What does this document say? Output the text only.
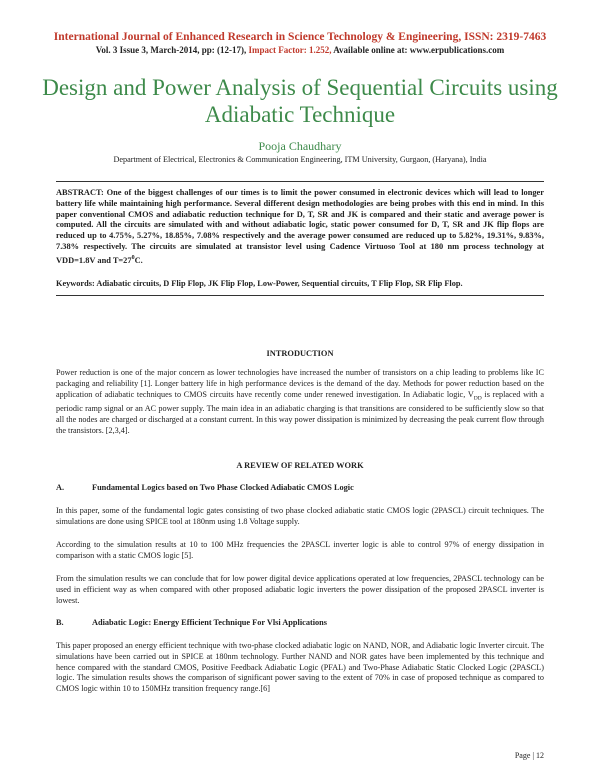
International Journal of Enhanced Research in Science Technology & Engineering, ISSN: 2319-7463
Vol. 3 Issue 3, March-2014, pp: (12-17), Impact Factor: 1.252, Available online at: www.erpublications.com
Design and Power Analysis of Sequential Circuits using Adiabatic Technique
Pooja Chaudhary
Department of Electrical, Electronics & Communication Engineering, ITM University, Gurgaon, (Haryana), India
ABSTRACT: One of the biggest challenges of our times is to limit the power consumed in electronic devices which will lead to longer battery life while maintaining high performance. Several different design methodologies are being probes with this end in mind. In this paper conventional CMOS and adiabatic reduction technique for D, T, SR and JK is compared and their static and average power is computed. All the circuits are simulated with and without adiabatic logic, static power consumed for D, T, SR and JK flip flops are reduced up to 4.75%, 5.27%, 18.85%, 7.08% respectively and the average power consumed are reduced up to 5.82%, 19.31%, 9.83%, 7.38% respectively. The circuits are simulated at transistor level using Cadence Virtuoso Tool at 180 nm process technology at VDD=1.8V and $T=27^0C$.
Keywords: Adiabatic circuits, D Flip Flop, JK Flip Flop, Low-Power, Sequential circuits, T Flip Flop, SR Flip Flop.
INTRODUCTION
Power reduction is one of the major concern as lower technologies have increased the number of transistors on a chip leading to problems like IC packaging and reliability [1]. Longer battery life in high performance devices is the demand of the day. Methods for power reduction based on the application of adiabatic techniques to CMOS circuits have recently come under renewed investigation. In Adiabatic logic, $V_{DD}$ is replaced with a periodic ramp signal or an AC power supply. The main idea in an adiabatic charging is that transitions are considered to be sufficiently slow so that all the nodes are charged or discharged at a constant current. In this way power dissipation is minimized by decreasing the peak current flow through the transistors. [2,3,4].
A REVIEW OF RELATED WORK
A.	Fundamental Logics based on Two Phase Clocked Adiabatic CMOS Logic
In this paper, some of the fundamental logic gates consisting of two phase clocked adiabatic static CMOS logic (2PASCL) circuit techniques. The simulations are done using SPICE tool at 180nm using 1.8 Voltage supply.
According to the simulation results at 10 to 100 MHz frequencies the 2PASCL inverter logic is able to control 97% of energy dissipation in comparison with a static CMOS logic [5].
From the simulation results we can conclude that for low power digital device applications operated at low frequencies, 2PASCL technology can be used in efficient way as when compared with other proposed adiabatic logic inverters the power dissipation of the proposed 2PASCL inverter is lowest.
B.	Adiabatic Logic: Energy Efficient Technique For Vlsi Applications
This paper proposed an energy efficient technique with two-phase clocked adiabatic logic on NAND, NOR, and Adiabatic logic Inverter circuit. The simulations have been carried out in SPICE at 180nm technology. Further NAND and NOR gates have been implemented by this technique and hence compared with the standard CMOS, Positive Feedback Adiabatic Logic (PFAL) and Two-Phase Adiabatic Static Clocked Logic (2PASCL) logic. The simulation results shows the comparison of significant power saving to the extent of 70% in case of proposed technique as compared to CMOS logic within 10 to 150MHz transition frequency range.[6]
Page | 12
